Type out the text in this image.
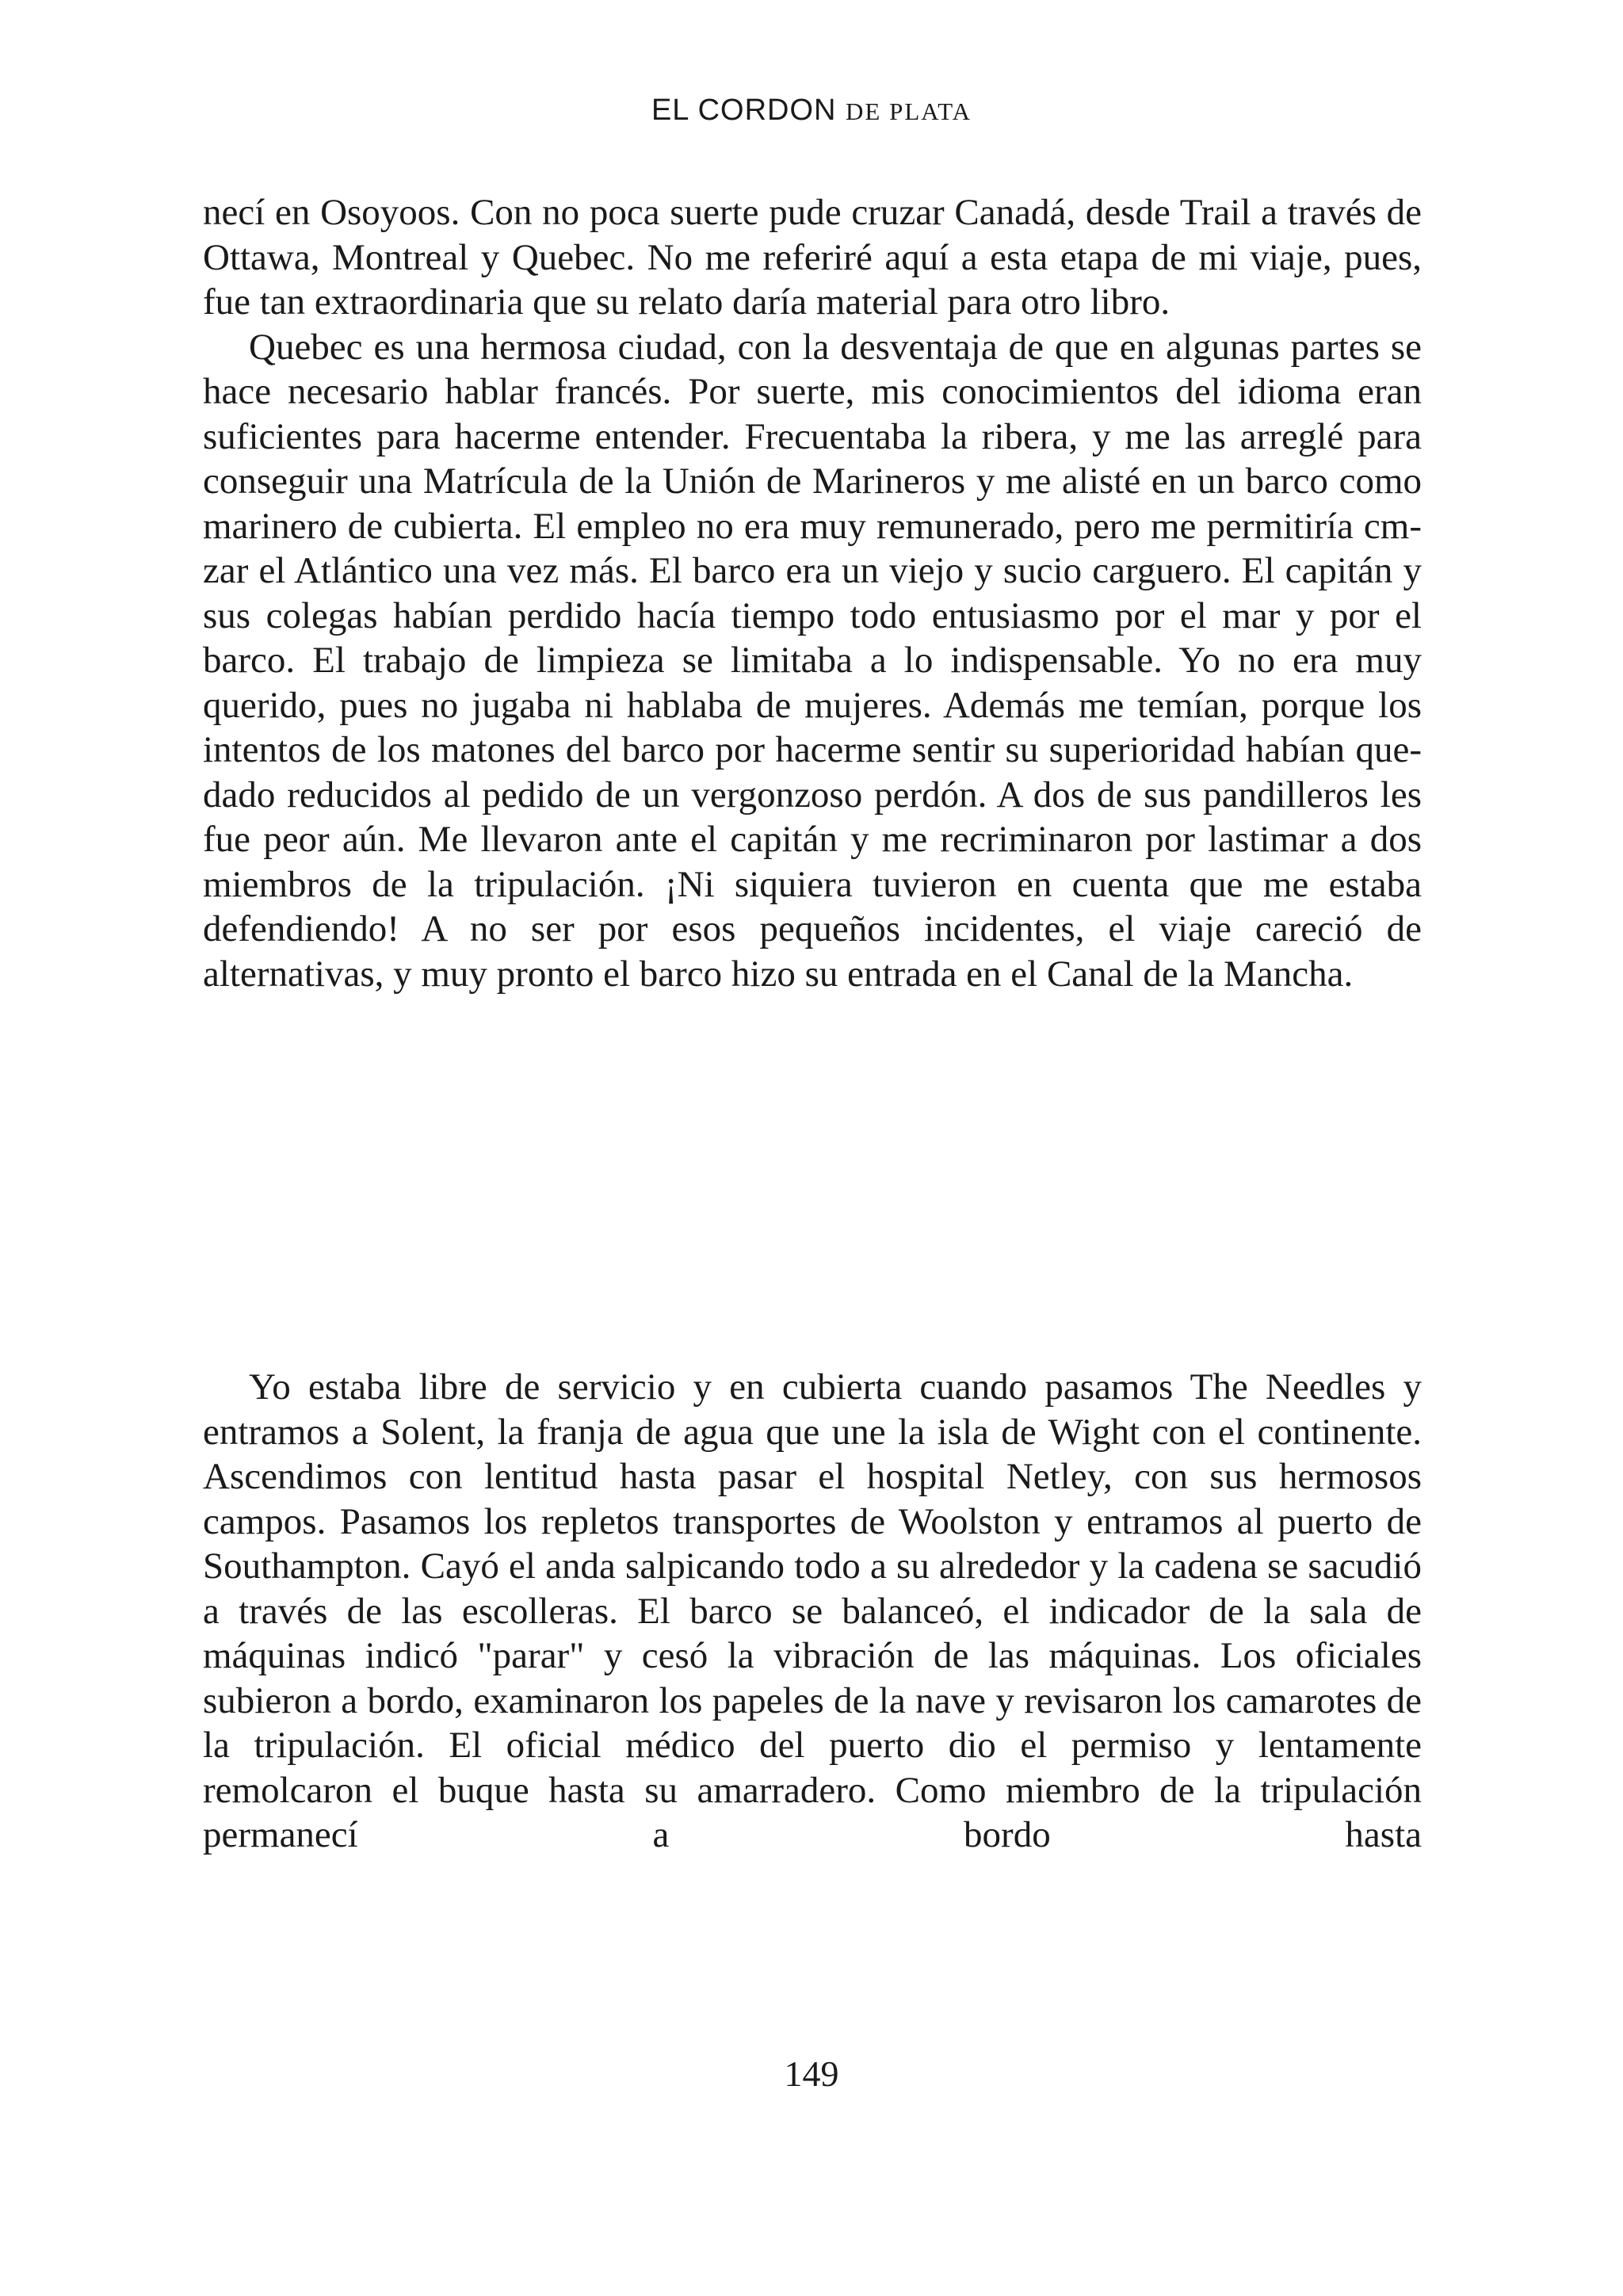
EL CORDON DE PLATA

necí en Osoyoos. Con no poca suerte pude cruzar Canadá, desde Trail a través de Ottawa, Montreal y Quebec. No me referiré aquí a esta etapa de mi viaje, pues, fue tan extraordinaria que su relato daría material para otro libro.

Quebec es una hermosa ciudad, con la desventaja de que en algunas partes se hace necesario hablar francés. Por suerte, mis conocimientos del idioma eran suficientes para hacerme entender. Frecuentaba la ribera, y me las arreglé para conseguir una Matrícula de la Unión de Marineros y me alisté en un barco como marinero de cubierta. El empleo no era muy remunerado, pero me permitiría cmzar el Atlántico una vez más. El barco era un viejo y sucio carguero. El capitán y sus colegas habían perdido hacía tiempo todo entusiasmo por el mar y por el barco. El trabajo de limpieza se limitaba a lo indispensable. Yo no era muy querido, pues no jugaba ni hablaba de mujeres. Además me temían, porque los intentos de los matones del barco por hacerme sentir su superioridad habían quedado reducidos al pedido de un vergonzoso perdón. A dos de sus pandilleros les fue peor aún. Me llevaron ante el capitán y me recriminaron por lastimar a dos miembros de la tripulación. ¡Ni siquiera tuvieron en cuenta que me estaba defendiendo! A no ser por esos pequeños incidentes, el viaje careció de alternativas, y muy pronto el barco hizo su entrada en el Canal de la Mancha.

Yo estaba libre de servicio y en cubierta cuando pasamos The Needles y entramos a Solent, la franja de agua que une la isla de Wight con el continente. Ascendimos con lentitud hasta pasar el hospital Netley, con sus hermosos campos. Pasamos los repletos transportes de Woolston y entramos al puerto de Southampton. Cayó el anda salpicando todo a su alrededor y la cadena se sacudió a través de las escolleras. El barco se balanceó, el indicador de la sala de máquinas indicó "parar" y cesó la vibración de las máquinas. Los oficiales subieron a bordo, examinaron los papeles de la nave y revisaron los camarotes de la tripulación. El oficial médico del puerto dio el permiso y lentamente remolcaron el buque hasta su amarradero. Como miembro de la tripulación permanecí a bordo hasta

149
